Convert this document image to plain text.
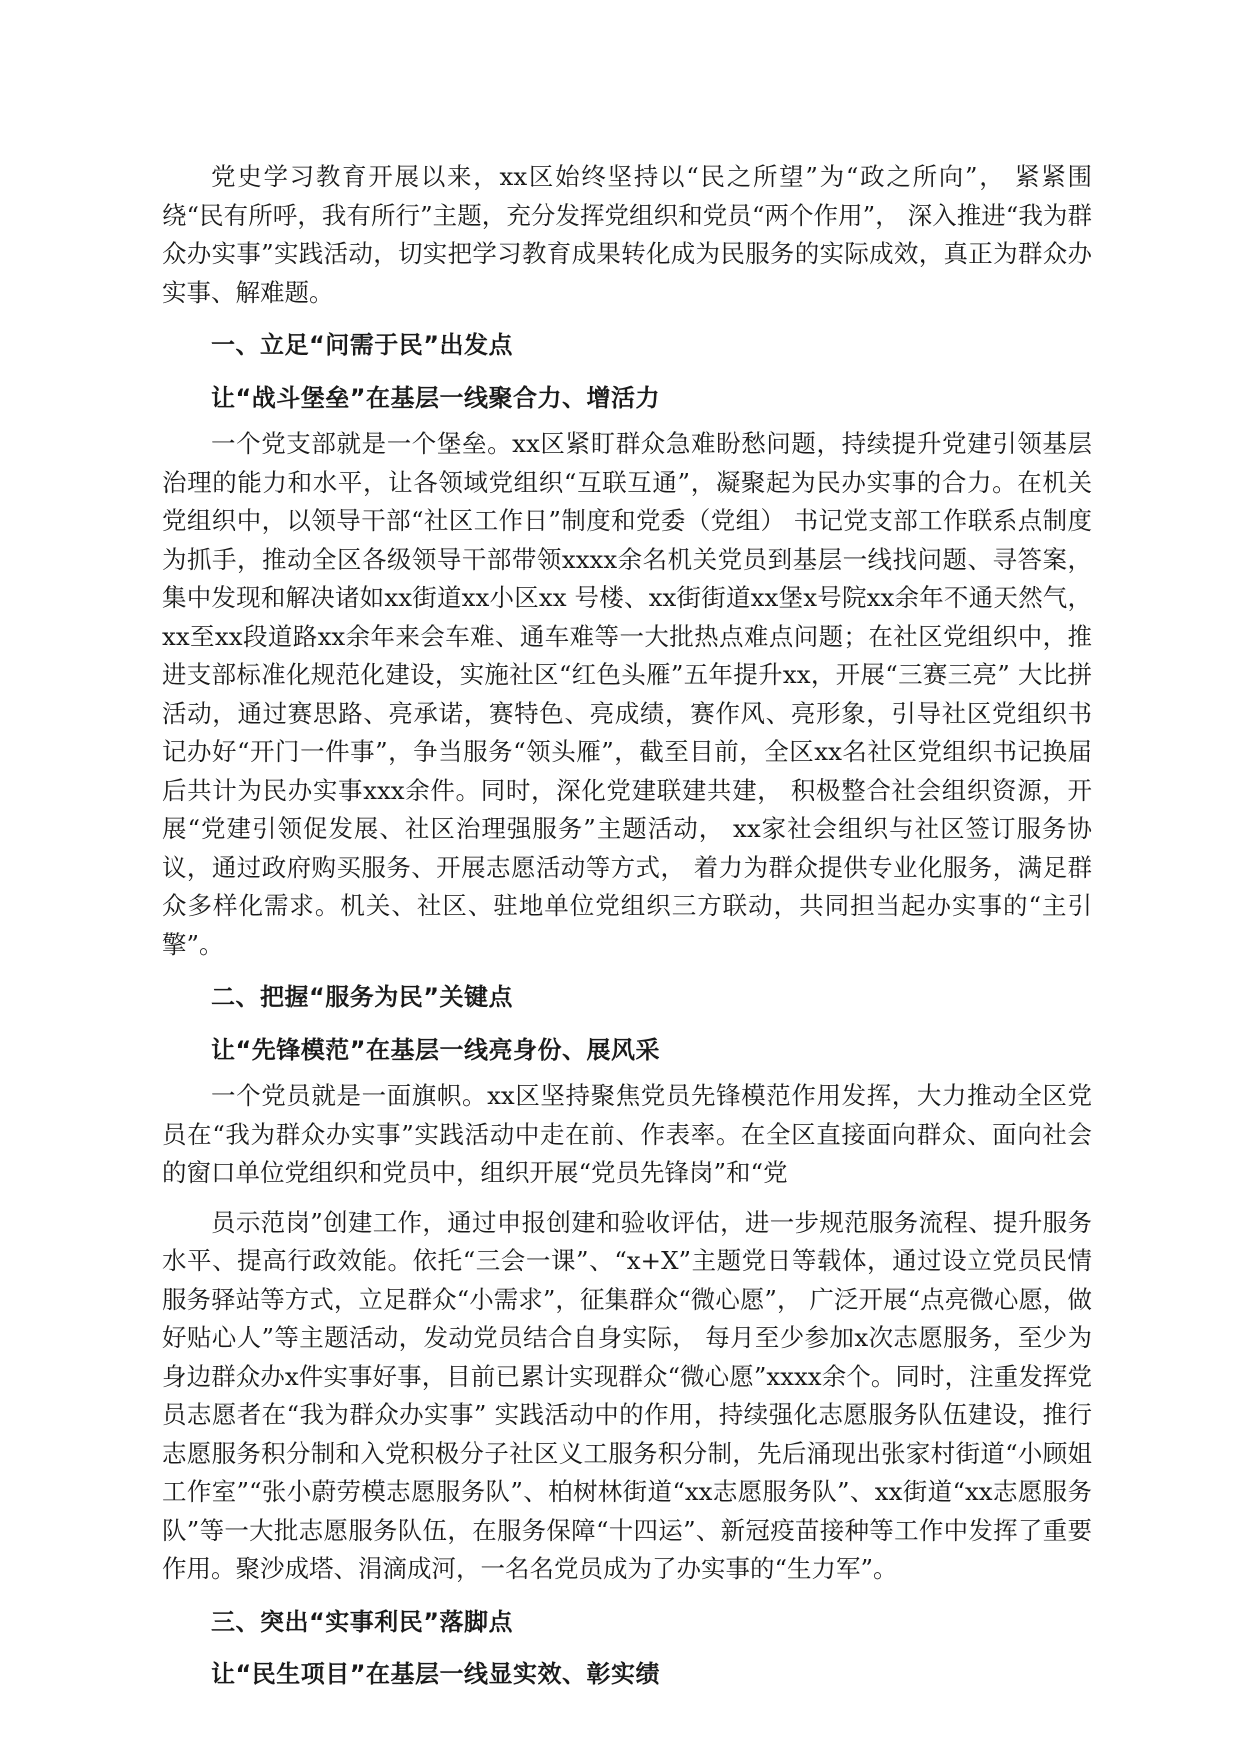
党史学习教育开展以来，xx区始终坚持以“民之所望”为“政之所向”， 紧紧围绕“民有所呼，我有所行”主题，充分发挥党组织和党员“两个作用”， 深入推进“我为群众办实事”实践活动，切实把学习教育成果转化成为民服务的实际成效，真正为群众办实事、解难题。

一、立足“问需于民”出发点

让“战斗堡垒”在基层一线聚合力、增活力

一个党支部就是一个堡垒。xx区紧盯群众急难盼愁问题，持续提升党建引领基层治理的能力和水平，让各领域党组织“互联互通”，凝聚起为民办实事的合力。在机关党组织中，以领导干部“社区工作日”制度和党委（党组） 书记党支部工作联系点制度为抓手，推动全区各级领导干部带领xxxx余名机关党员到基层一线找问题、寻答案，集中发现和解决诸如xx街道xx小区xx 号楼、xx街街道xx堡x号院xx余年不通天然气，xx至xx段道路xx余年来会车难、通车难等一大批热点难点问题；在社区党组织中，推进支部标准化规范化建设，实施社区“红色头雁”五年提升xx，开展“三赛三亮” 大比拼活动，通过赛思路、亮承诺，赛特色、亮成绩，赛作风、亮形象，引导社区党组织书记办好“开门一件事”，争当服务“领头雁”，截至目前，全区xx名社区党组织书记换届后共计为民办实事xxx余件。同时，深化党建联建共建， 积极整合社会组织资源，开展“党建引领促发展、社区治理强服务”主题活动， xx家社会组织与社区签订服务协议，通过政府购买服务、开展志愿活动等方式， 着力为群众提供专业化服务，满足群众多样化需求。机关、社区、驻地单位党组织三方联动，共同担当起办实事的“主引擎”。

二、把握“服务为民”关键点

让“先锋模范”在基层一线亮身份、展风采

一个党员就是一面旗帜。xx区坚持聚焦党员先锋模范作用发挥，大力推动全区党员在“我为群众办实事”实践活动中走在前、作表率。在全区直接面向群众、面向社会的窗口单位党组织和党员中，组织开展“党员先锋岗”和“党

员示范岗”创建工作，通过申报创建和验收评估，进一步规范服务流程、提升服务水平、提高行政效能。依托“三会一课”、“x+X”主题党日等载体，通过设立党员民情服务驿站等方式，立足群众“小需求”，征集群众“微心愿”， 广泛开展“点亮微心愿，做好贴心人”等主题活动，发动党员结合自身实际， 每月至少参加x次志愿服务，至少为身边群众办x件实事好事，目前已累计实现群众“微心愿”xxxx余个。同时，注重发挥党员志愿者在“我为群众办实事” 实践活动中的作用，持续强化志愿服务队伍建设，推行志愿服务积分制和入党积极分子社区义工服务积分制，先后涌现出张家村街道“小顾姐工作室”“张小蔚劳模志愿服务队”、柏树林街道“xx志愿服务队”、xx街道“xx志愿服务队”等一大批志愿服务队伍，在服务保障“十四运”、新冠疫苗接种等工作中发挥了重要作用。聚沙成塔、涓滴成河，一名名党员成为了办实事的“生力军”。

三、突出“实事利民”落脚点

让“民生项目”在基层一线显实效、彰实绩
